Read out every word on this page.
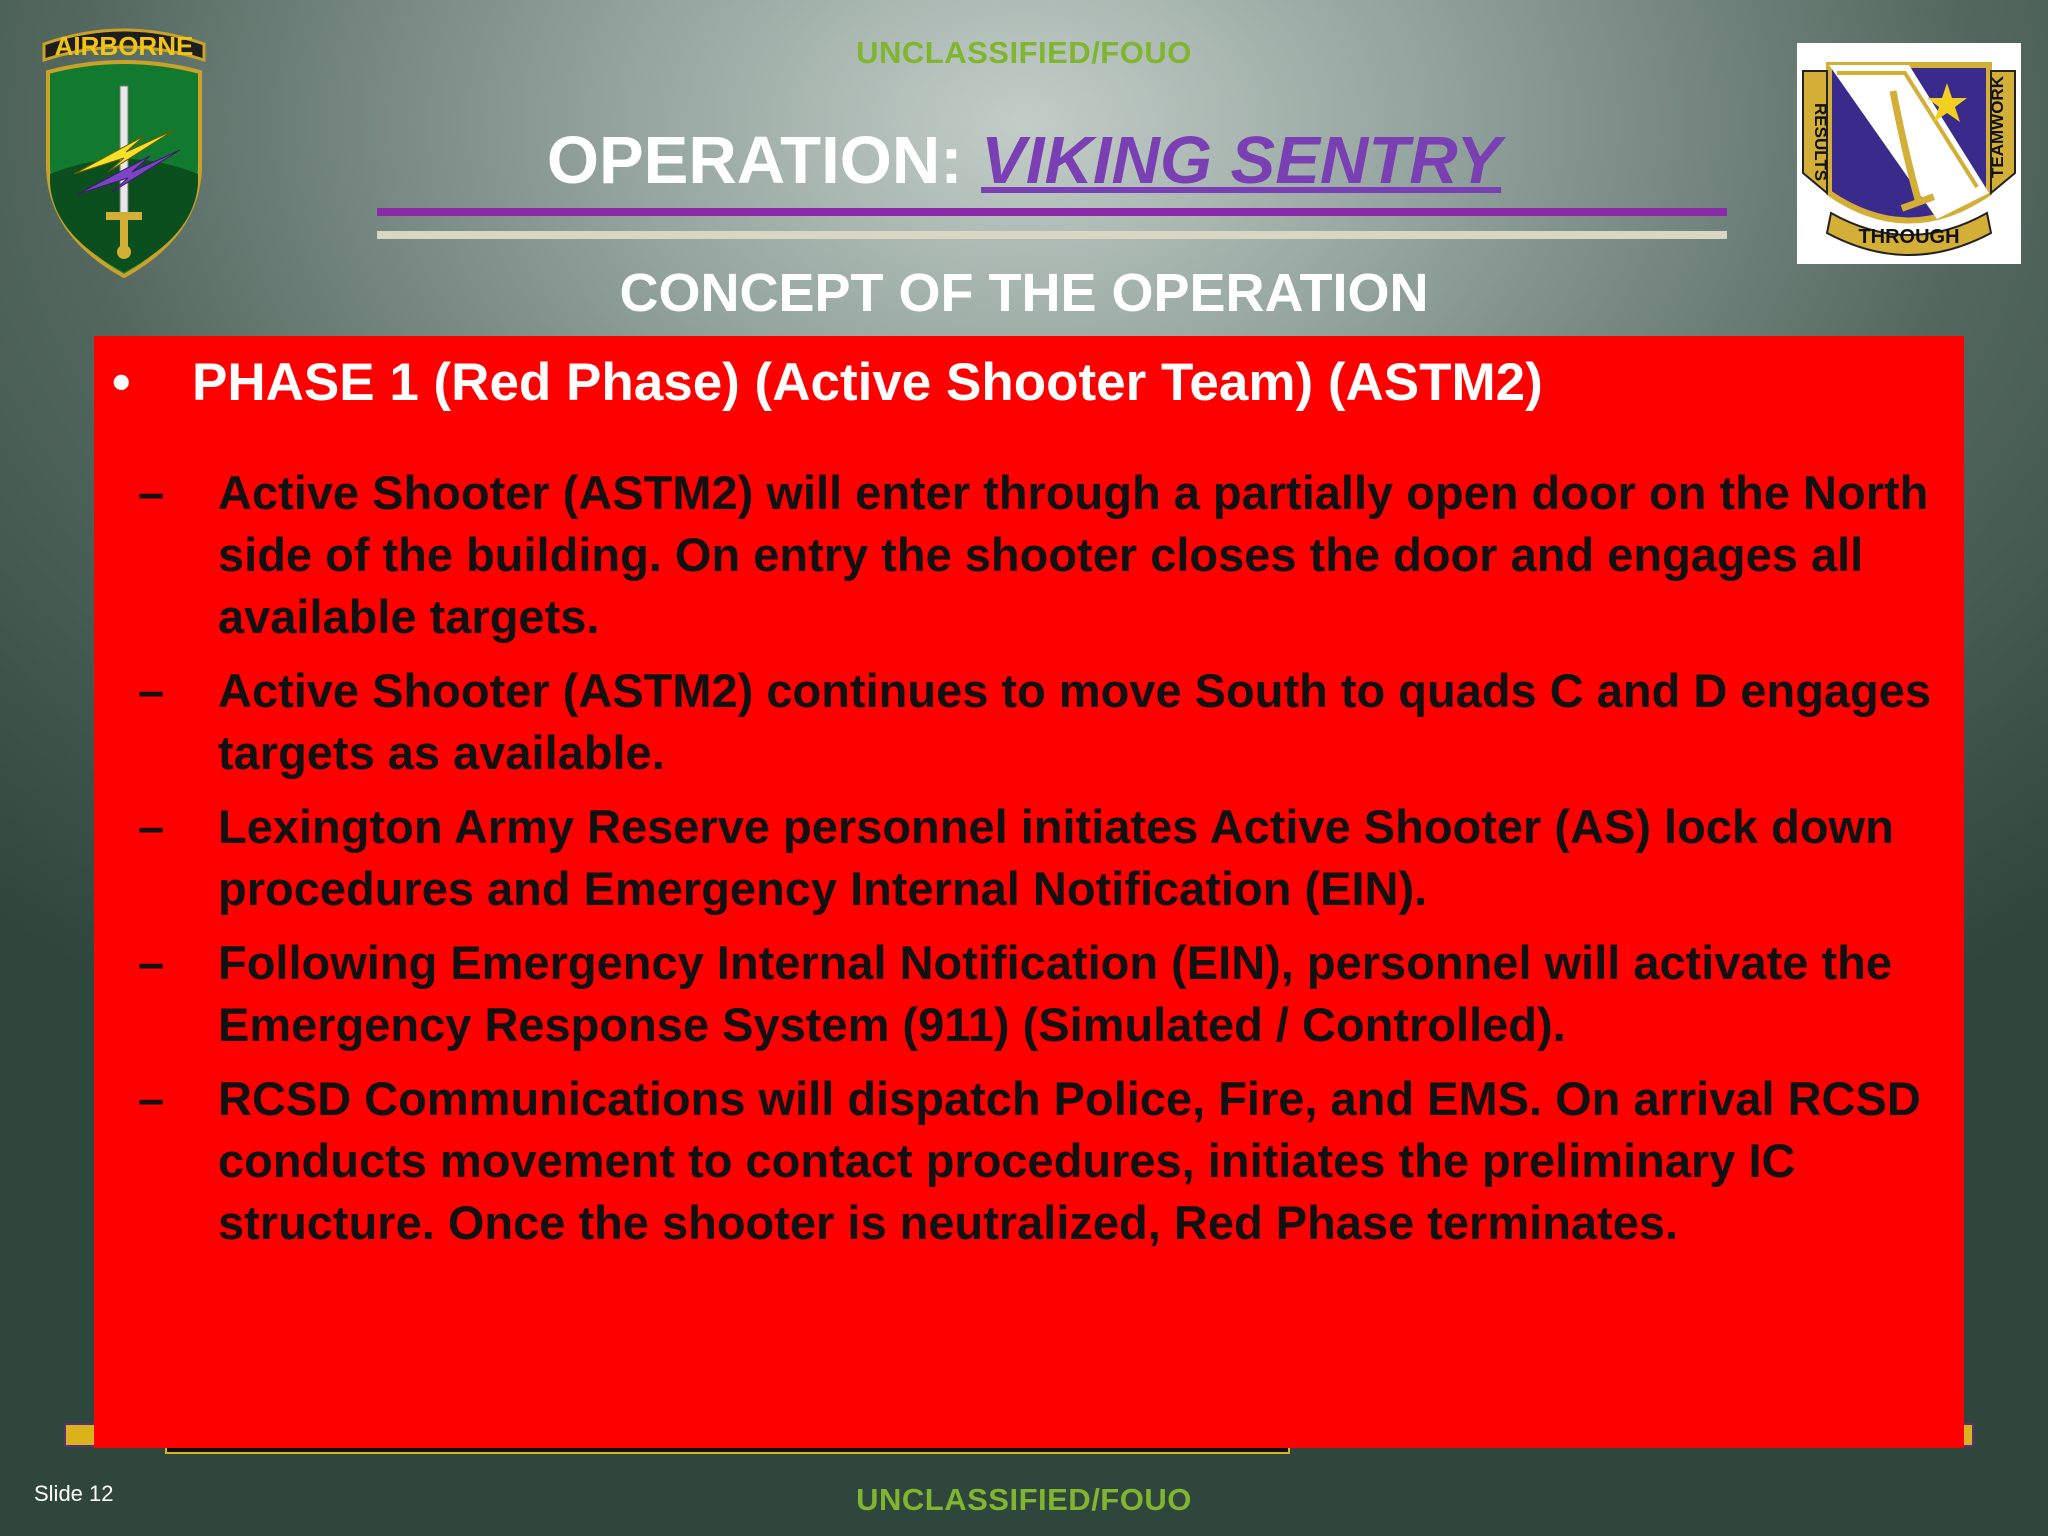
UNCLASSIFIED/FOUO
AIRBORNE
OPERATION: VIKING SENTRY	RESULTS	TEAMWORK
THROUGH
CONCEPT OF THE OPERATION
• PHASE 1 (Red Phase) (Active Shooter Team) (ASTM2)
– Active Shooter (ASTM2) will enter through a partially open door on the North side of the building. On entry the shooter closes the door and engages all available targets.
– Active Shooter (ASTM2) continues to move South to quads C and D engages targets as available.
– Lexington Army Reserve personnel initiates Active Shooter (AS) lock down procedures and Emergency Internal Notification (EIN).
– Following Emergency Internal Notification (EIN), personnel will activate the Emergency Response System (911) (Simulated / Controlled).
– RCSD Communications will dispatch Police, Fire, and EMS. On arrival RCSD conducts movement to contact procedures, initiates the preliminary IC structure. Once the shooter is neutralized, Red Phase terminates.
Slide 12	UNCLASSIFIED/FOUO
